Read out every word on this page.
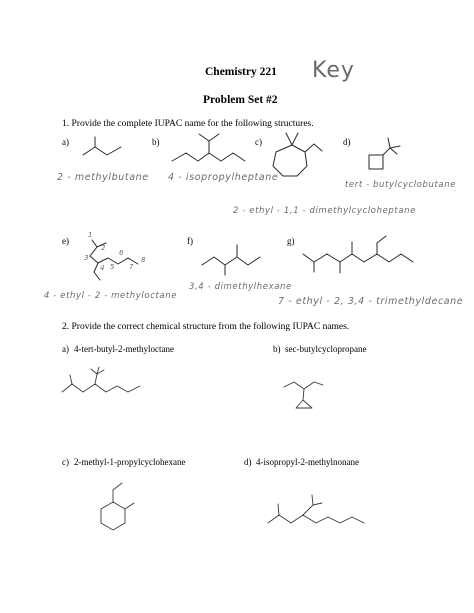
Chemistry 221 Key
Problem Set #2
1. Provide the complete IUPAC name for the following structures.
a)	b)	c)	d)
2 - methylbutane 4 - isopropylheptane
tert - butylcyclobutane
2 - ethyl - 1,1 - dimethylcycloheptane
e)	f)	g)
1
2
3
4 5
6
7
8
4 - ethyl - 2 - methyloctane
3,4 - dimethylhexane
7 - ethyl - 2, 3,4 - trimethyldecane
2. Provide the correct chemical structure from the following IUPAC names.
a) 4-tert-butyl-2-methyloctane	b) sec-butylcyclopropane
c) 2-methyl-1-propylcyclohexane	d) 4-isopropyl-2-methylnonane
